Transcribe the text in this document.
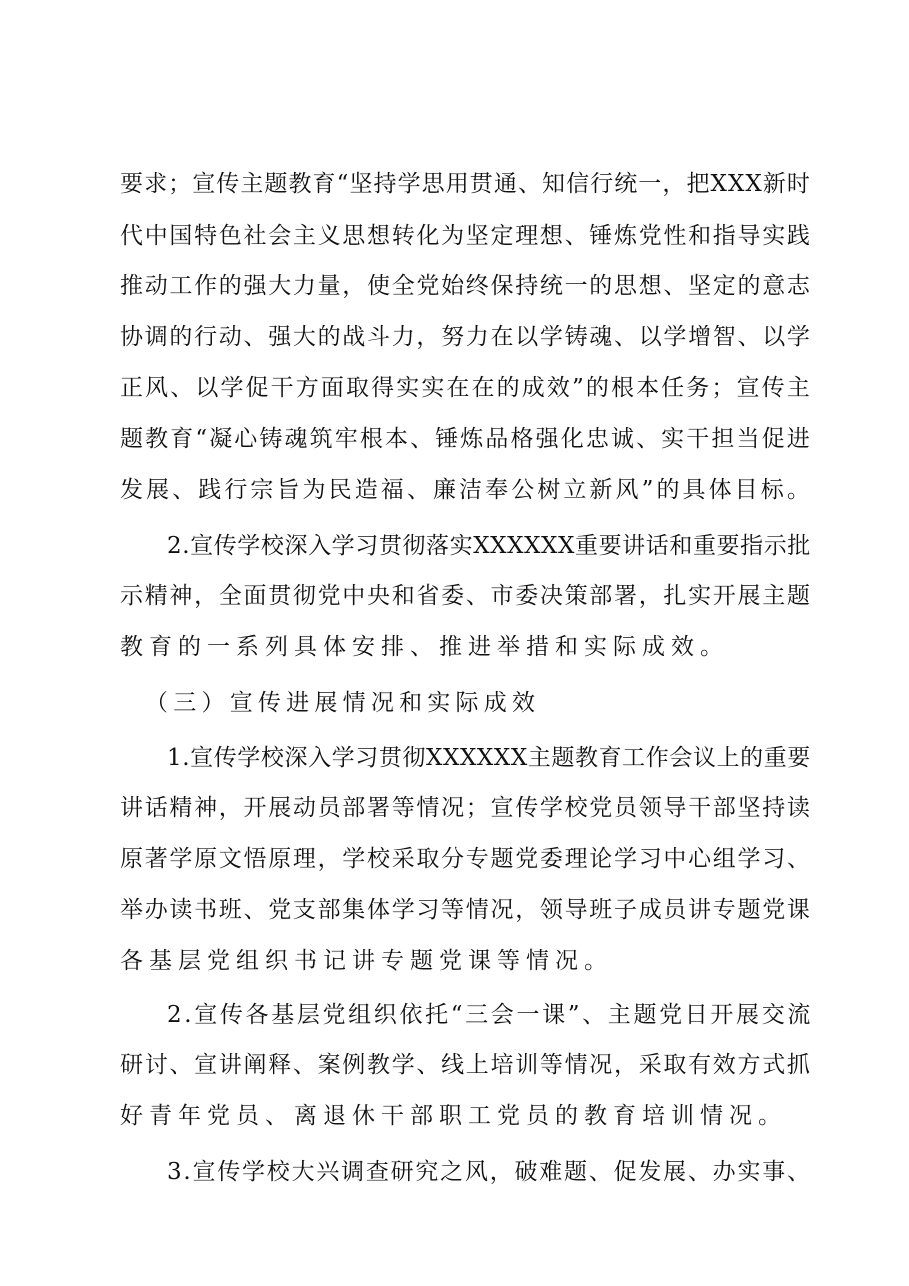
要求；宣传主题教育“坚持学思用贯通、知信行统一，把XXX新时
代中国特色社会主义思想转化为坚定理想、锤炼党性和指导实践
推动工作的强大力量，使全党始终保持统一的思想、坚定的意志
协调的行动、强大的战斗力，努力在以学铸魂、以学增智、以学
正风、以学促干方面取得实实在在的成效”的根本任务；宣传主
题教育“凝心铸魂筑牢根本、锤炼品格强化忠诚、实干担当促进
发展、践行宗旨为民造福、廉洁奉公树立新风”的具体目标。
2.宣传学校深入学习贯彻落实XXXXXX重要讲话和重要指示批
示精神，全面贯彻党中央和省委、市委决策部署，扎实开展主题
教育的一系列具体安排、推进举措和实际成效。
（三）宣传进展情况和实际成效
1.宣传学校深入学习贯彻XXXXXX主题教育工作会议上的重要
讲话精神，开展动员部署等情况；宣传学校党员领导干部坚持读
原著学原文悟原理，学校采取分专题党委理论学习中心组学习、
举办读书班、党支部集体学习等情况，领导班子成员讲专题党课
各基层党组织书记讲专题党课等情况。
2.宣传各基层党组织依托“三会一课”、主题党日开展交流
研讨、宣讲阐释、案例教学、线上培训等情况，采取有效方式抓
好青年党员、离退休干部职工党员的教育培训情况。
3.宣传学校大兴调查研究之风，破难题、促发展、办实事、
